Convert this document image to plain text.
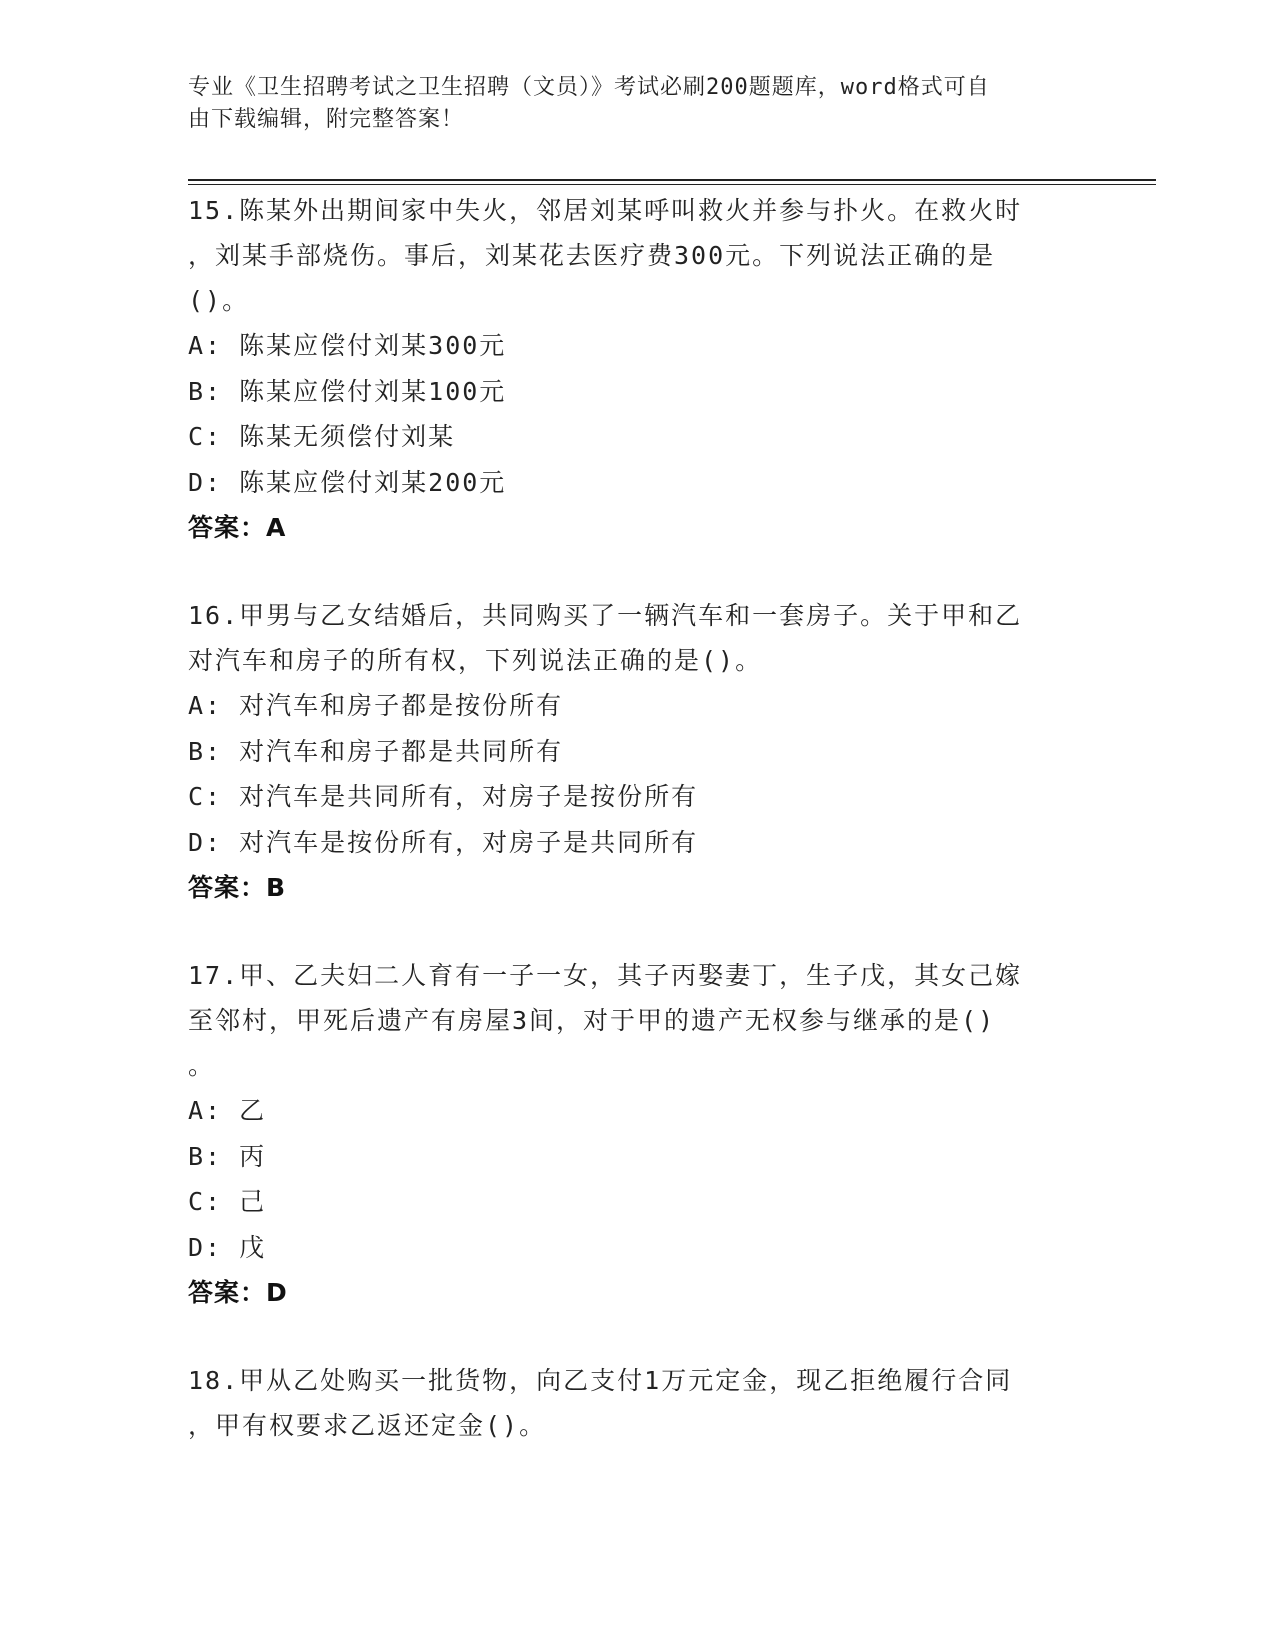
专业《卫生招聘考试之卫生招聘（文员）》考试必刷200题题库，word格式可自
由下载编辑，附完整答案！
15.陈某外出期间家中失火，邻居刘某呼叫救火并参与扑火。在救火时
，刘某手部烧伤。事后，刘某花去医疗费300元。下列说法正确的是
()。
A: 陈某应偿付刘某300元
B: 陈某应偿付刘某100元
C: 陈某无须偿付刘某
D: 陈某应偿付刘某200元
答案：A
16.甲男与乙女结婚后，共同购买了一辆汽车和一套房子。关于甲和乙
对汽车和房子的所有权，下列说法正确的是()。
A: 对汽车和房子都是按份所有
B: 对汽车和房子都是共同所有
C: 对汽车是共同所有，对房子是按份所有
D: 对汽车是按份所有，对房子是共同所有
答案：B
17.甲、乙夫妇二人育有一子一女，其子丙娶妻丁，生子戊，其女己嫁
至邻村，甲死后遗产有房屋3间，对于甲的遗产无权参与继承的是()
。
A: 乙
B: 丙
C: 己
D: 戊
答案：D
18.甲从乙处购买一批货物，向乙支付1万元定金，现乙拒绝履行合同
，甲有权要求乙返还定金()。
